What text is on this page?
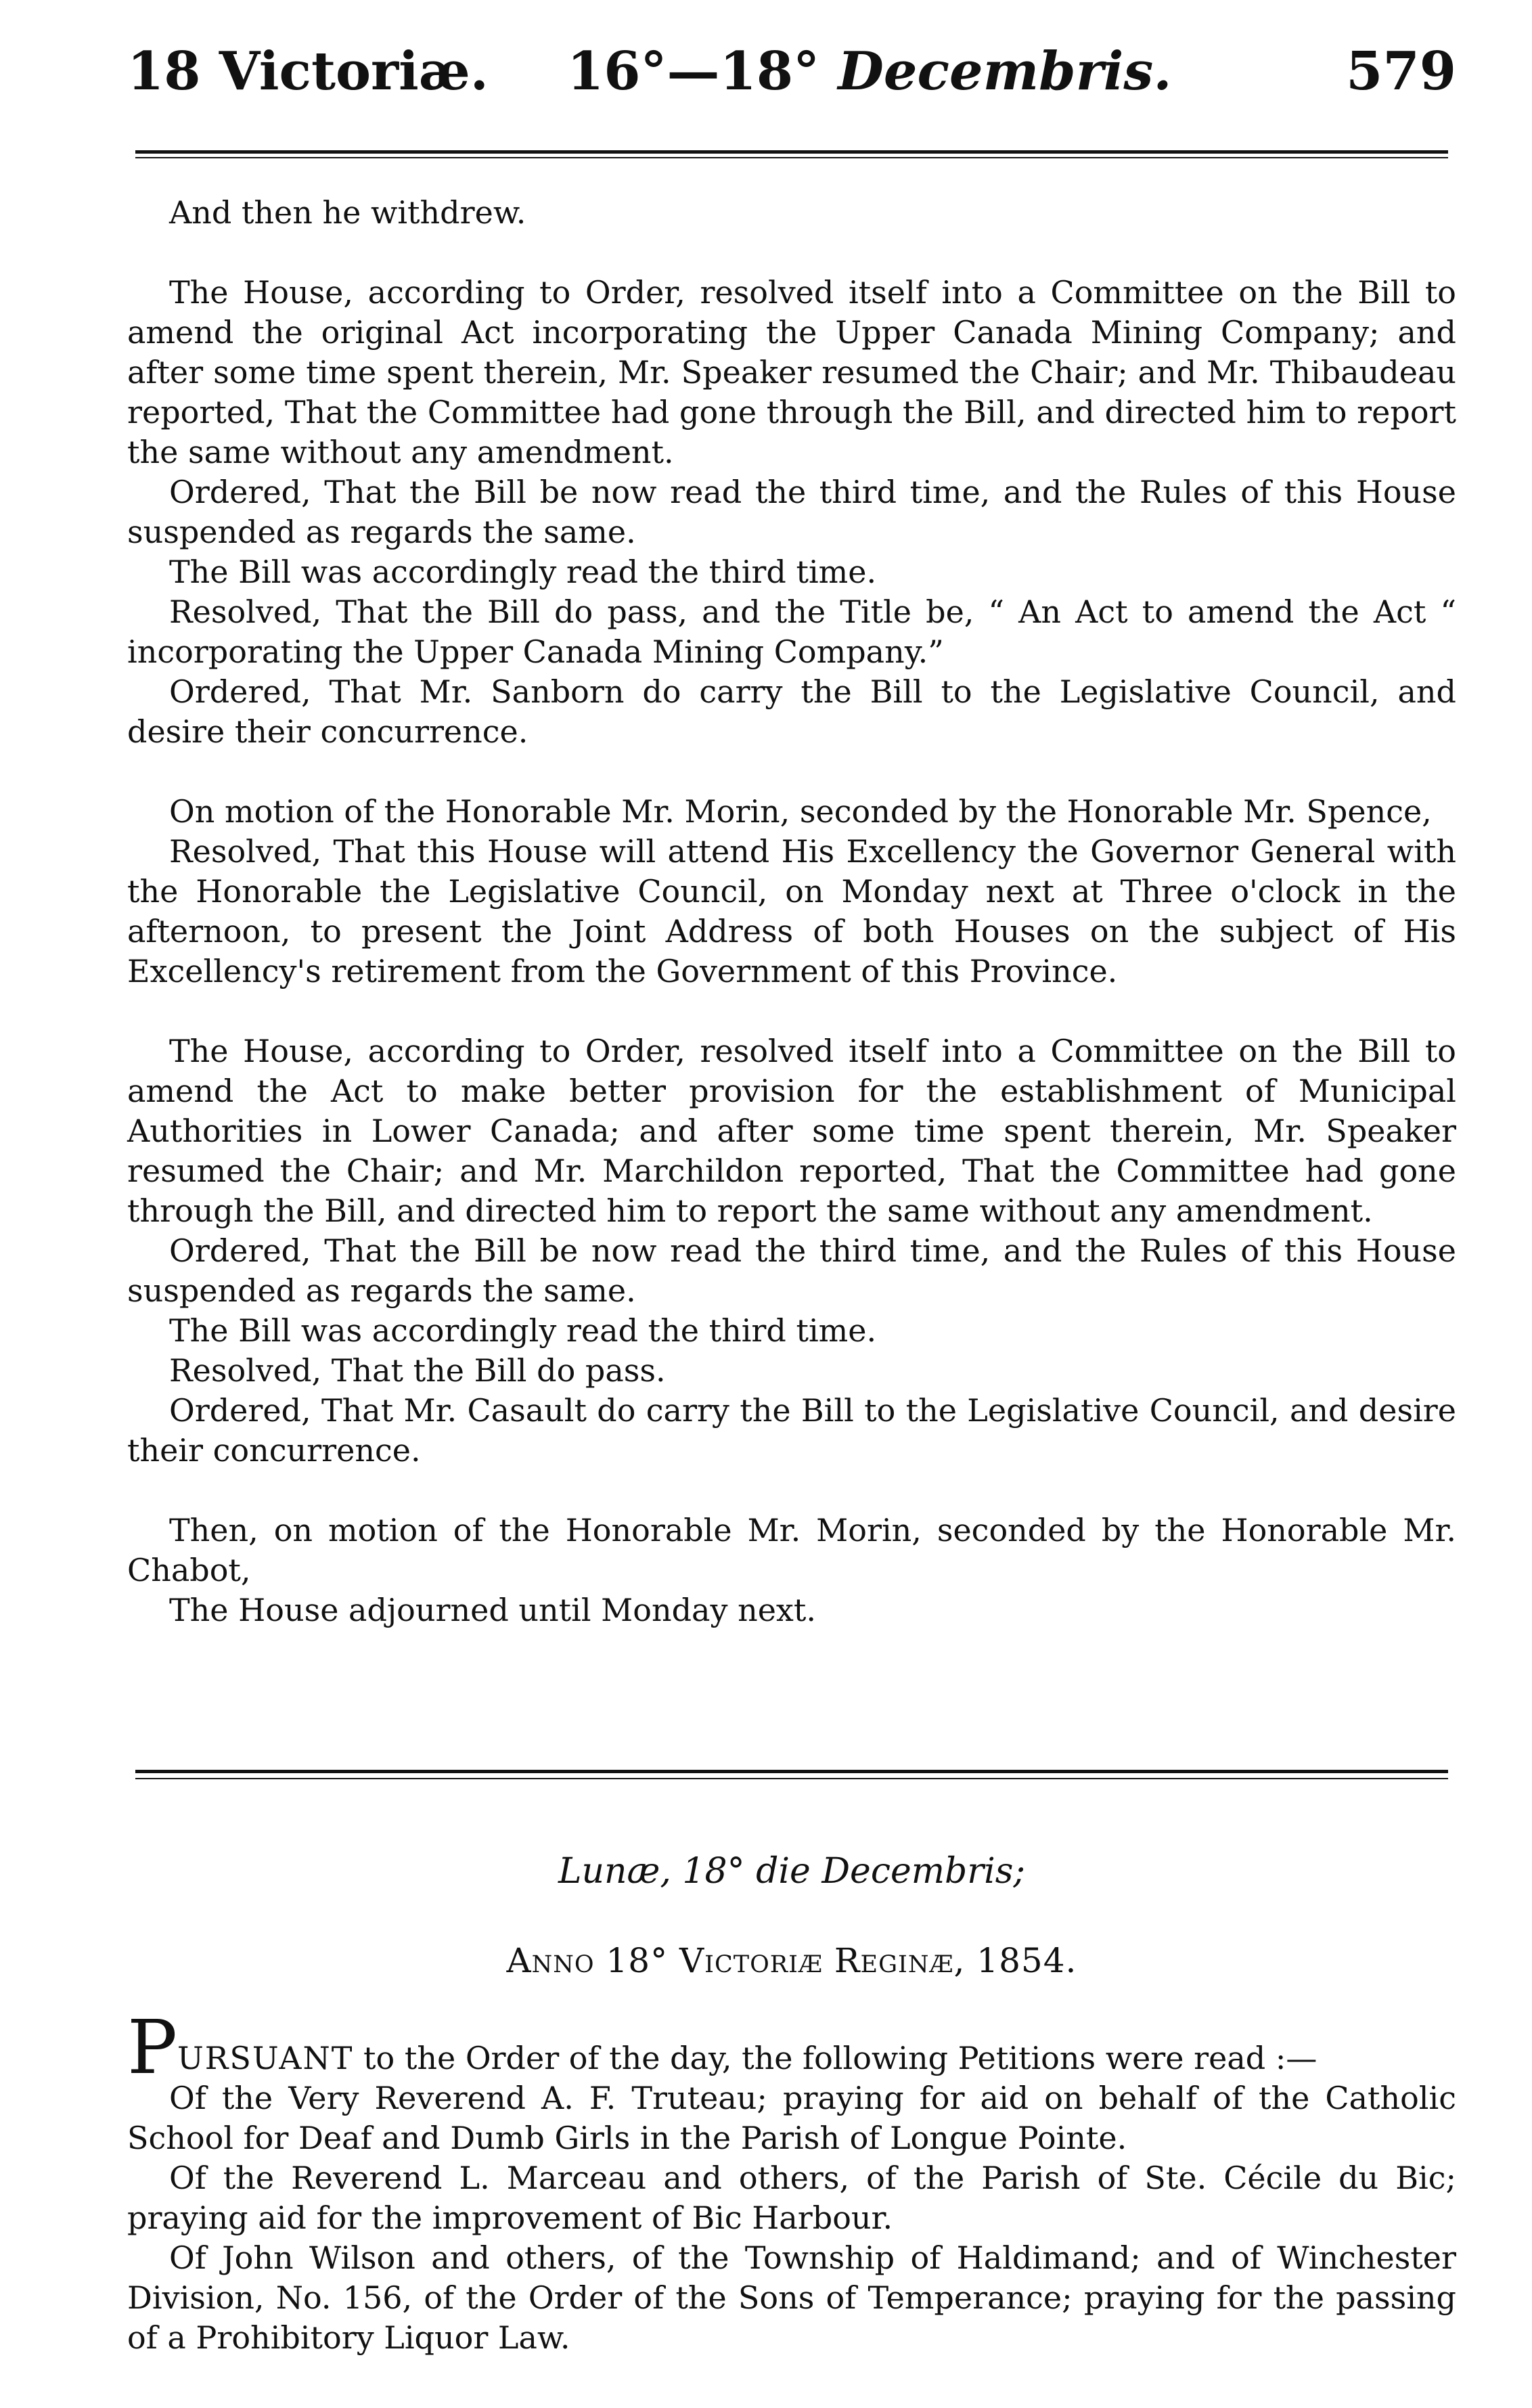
18 Victoriæ. 16°—18° Decembris.	579

And then he withdrew.

The House, according to Order, resolved itself into a Committee on the Bill to amend the original Act incorporating the Upper Canada Mining Company; and after some time spent therein, Mr. Speaker resumed the Chair; and Mr. Thibaudeau reported, That the Committee had gone through the Bill, and directed him to report the same without any amendment.

Ordered, That the Bill be now read the third time, and the Rules of this House suspended as regards the same.

The Bill was accordingly read the third time.

Resolved, That the Bill do pass, and the Title be, “ An Act to amend the Act “ incorporating the Upper Canada Mining Company.”

Ordered, That Mr. Sanborn do carry the Bill to the Legislative Council, and desire their concurrence.

On motion of the Honorable Mr. Morin, seconded by the Honorable Mr. Spence,

Resolved, That this House will attend His Excellency the Governor General with the Honorable the Legislative Council, on Monday next at Three o'clock in the afternoon, to present the Joint Address of both Houses on the subject of His Excellency's retirement from the Government of this Province.

The House, according to Order, resolved itself into a Committee on the Bill to amend the Act to make better provision for the establishment of Municipal Authorities in Lower Canada; and after some time spent therein, Mr. Speaker resumed the Chair; and Mr. Marchildon reported, That the Committee had gone through the Bill, and directed him to report the same without any amendment.

Ordered, That the Bill be now read the third time, and the Rules of this House suspended as regards the same.

The Bill was accordingly read the third time.

Resolved, That the Bill do pass.

Ordered, That Mr. Casault do carry the Bill to the Legislative Council, and desire their concurrence.

Then, on motion of the Honorable Mr. Morin, seconded by the Honorable Mr. Chabot,

The House adjourned until Monday next.

Lunæ, 18° die Decembris;
Anno 18° Victoriæ Reginæ, 1854.

PURSUANT to the Order of the day, the following Petitions were read :—

Of the Very Reverend A. F. Truteau; praying for aid on behalf of the Catholic School for Deaf and Dumb Girls in the Parish of Longue Pointe.

Of the Reverend L. Marceau and others, of the Parish of Ste. Cécile du Bic; praying aid for the improvement of Bic Harbour.

Of John Wilson and others, of the Township of Haldimand; and of Winchester Division, No. 156, of the Order of the Sons of Temperance; praying for the passing of a Prohibitory Liquor Law.
